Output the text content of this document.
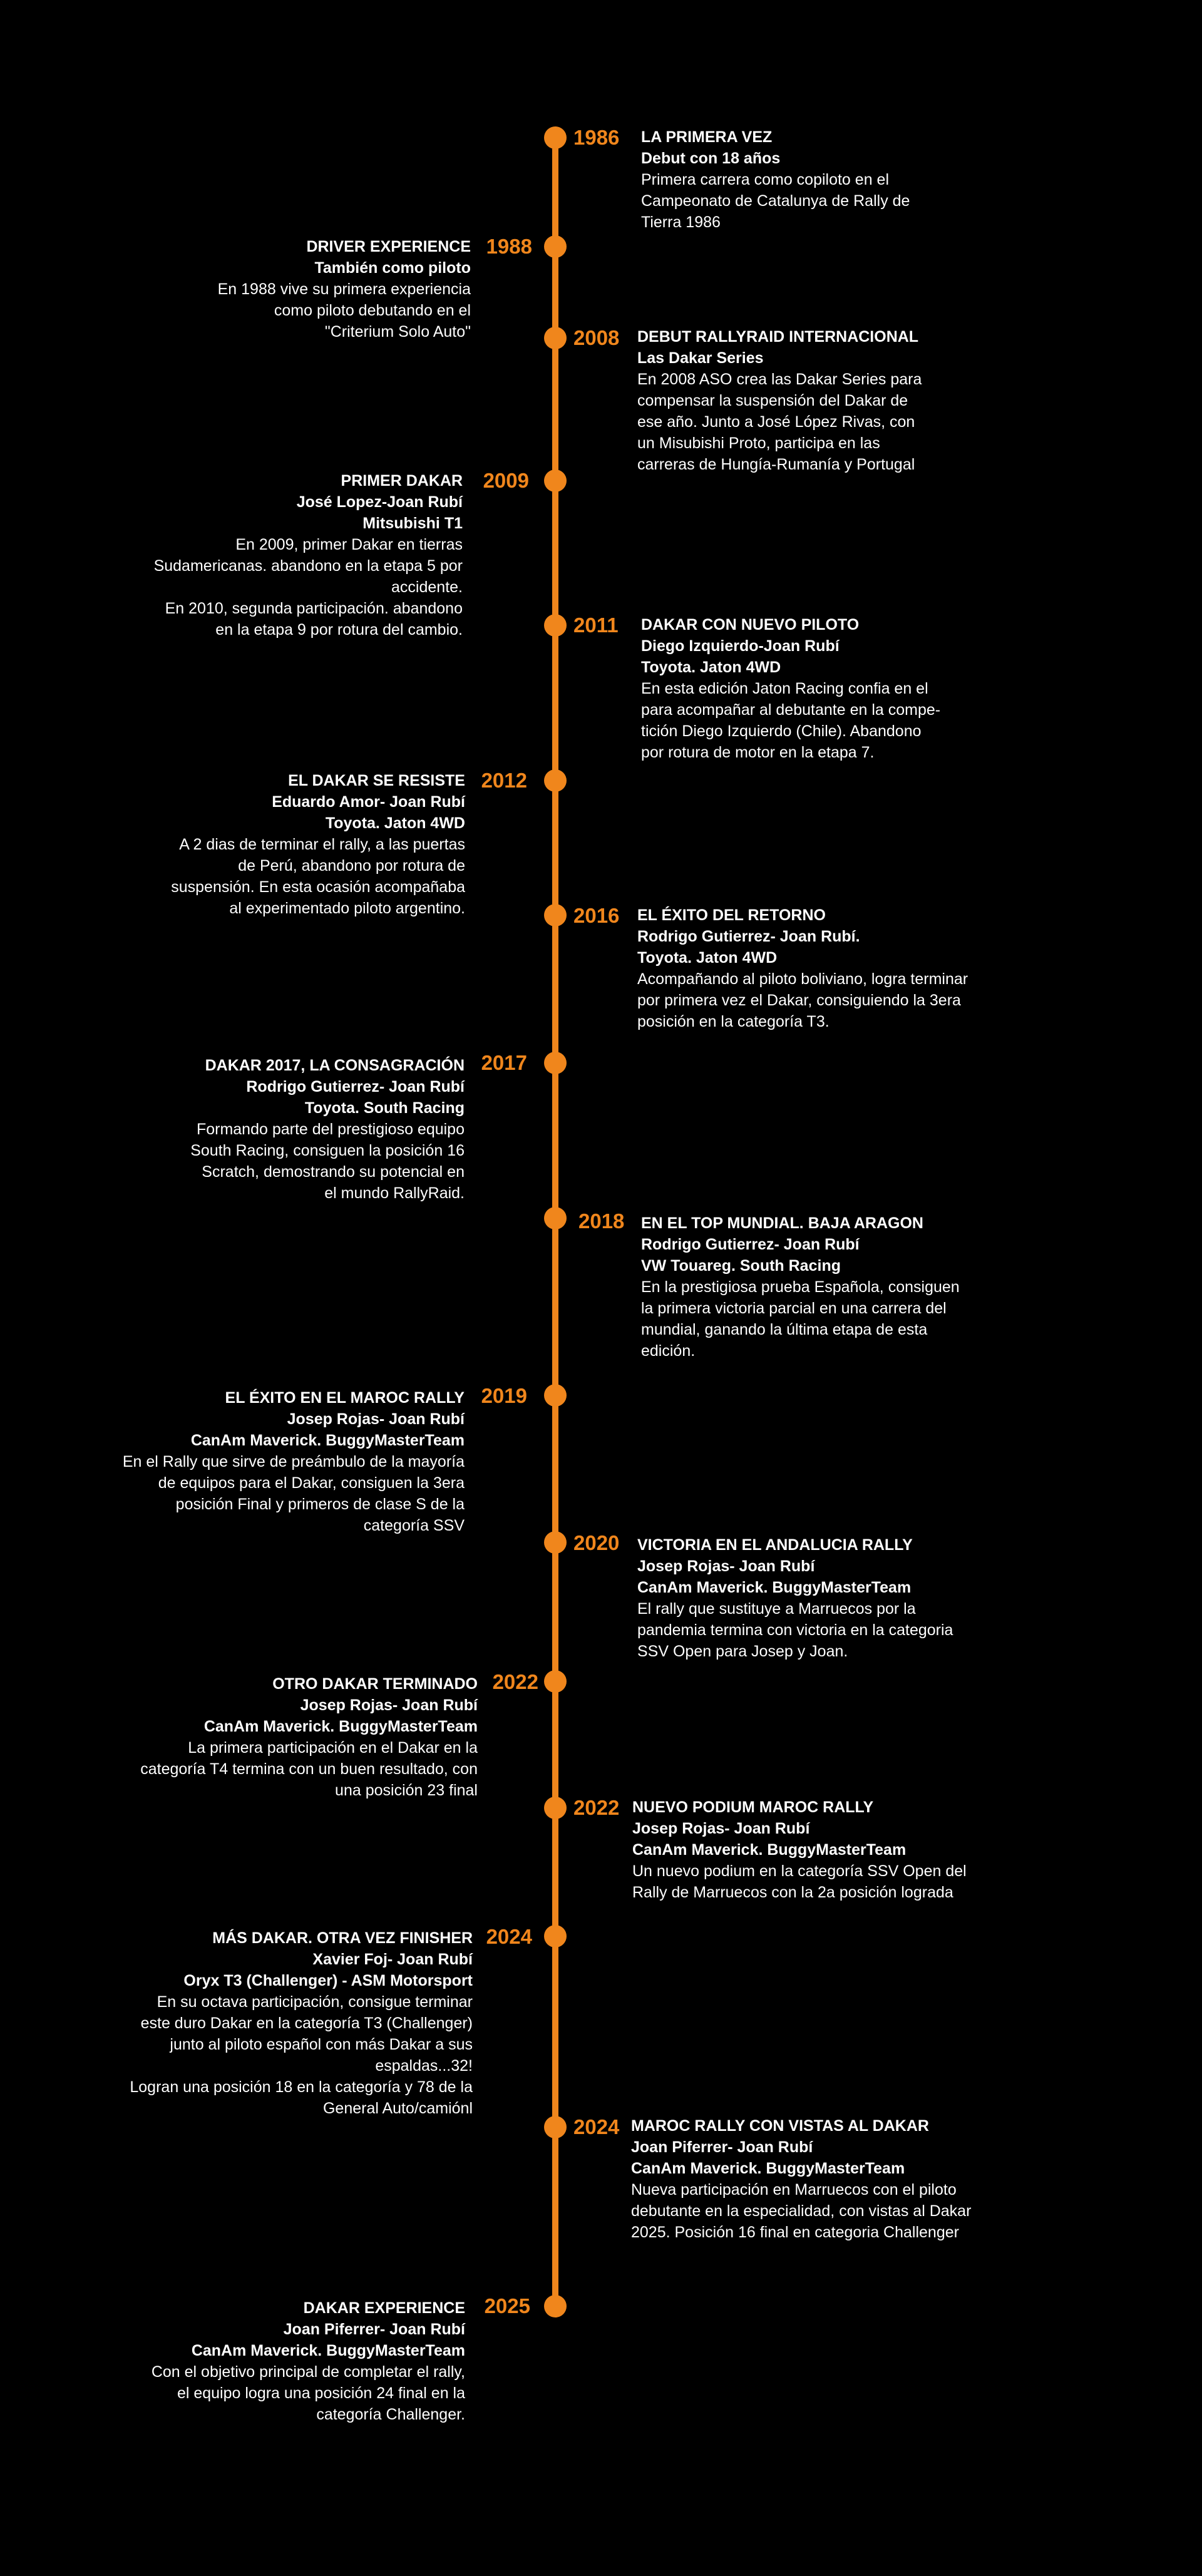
1986 LA PRIMERA VEZ
Debut con 18 años
Primera carrera como copiloto en el
Campeonato de Catalunya de Rally de
Tierra 1986
1988
DRIVER EXPERIENCE
También como piloto
En 1988 vive su primera experiencia
como piloto debutando en el
"Criterium Solo Auto"	2008 DEBUT RALLYRAID INTERNACIONAL
Las Dakar Series
En 2008 ASO crea las Dakar Series para
compensar la suspensión del Dakar de
ese año. Junto a José López Rivas, con
un Misubishi Proto, participa en las
carreras de Hungía-Rumanía y Portugal
2009
PRIMER DAKAR
José Lopez-Joan Rubí
Mitsubishi T1
En 2009, primer Dakar en tierras
Sudamericanas. abandono en la etapa 5 por
accidente.
En 2010, segunda participación. abandono
en la etapa 9 por rotura del cambio.	2011 DAKAR CON NUEVO PILOTO
Diego Izquierdo-Joan Rubí
Toyota. Jaton 4WD
En esta edición Jaton Racing confia en el
para acompañar al debutante en la compe-
tición Diego Izquierdo (Chile). Abandono
por rotura de motor en la etapa 7.
2012
EL DAKAR SE RESISTE
Eduardo Amor- Joan Rubí
Toyota. Jaton 4WD
A 2 dias de terminar el rally, a las puertas
de Perú, abandono por rotura de
suspensión. En esta ocasión acompañaba
al experimentado piloto argentino.	2016 EL ÉXITO DEL RETORNO
Rodrigo Gutierrez- Joan Rubí.
Toyota. Jaton 4WD
Acompañando al piloto boliviano, logra terminar
por primera vez el Dakar, consiguiendo la 3era
posición en la categoría T3.
2017
DAKAR 2017, LA CONSAGRACIÓN
Rodrigo Gutierrez- Joan Rubí
Toyota. South Racing
Formando parte del prestigioso equipo
South Racing, consiguen la posición 16
Scratch, demostrando su potencial en
el mundo RallyRaid.
2018 EN EL TOP MUNDIAL. BAJA ARAGON
Rodrigo Gutierrez- Joan Rubí
VW Touareg. South Racing
En la prestigiosa prueba Española, consiguen
la primera victoria parcial en una carrera del
mundial, ganando la última etapa de esta
edición.
2019
EL ÉXITO EN EL MAROC RALLY
Josep Rojas- Joan Rubí
CanAm Maverick. BuggyMasterTeam
En el Rally que sirve de preámbulo de la mayoría
de equipos para el Dakar, consiguen la 3era
posición Final y primeros de clase S de la
categoría SSV
2020 VICTORIA EN EL ANDALUCIA RALLY
Josep Rojas- Joan Rubí
CanAm Maverick. BuggyMasterTeam
El rally que sustituye a Marruecos por la
pandemia termina con victoria en la categoria
SSV Open para Josep y Joan.
2022
OTRO DAKAR TERMINADO
Josep Rojas- Joan Rubí
CanAm Maverick. BuggyMasterTeam
La primera participación en el Dakar en la
categoría T4 termina con un buen resultado, con
una posición 23 final
2022 NUEVO PODIUM MAROC RALLY
Josep Rojas- Joan Rubí
CanAm Maverick. BuggyMasterTeam
Un nuevo podium en la categoría SSV Open del
Rally de Marruecos con la 2a posición lograda
2024
MÁS DAKAR. OTRA VEZ FINISHER
Xavier Foj- Joan Rubí
Oryx T3 (Challenger) - ASM Motorsport
En su octava participación, consigue terminar
este duro Dakar en la categoría T3 (Challenger)
junto al piloto español con más Dakar a sus
espaldas...32!
Logran una posición 18 en la categoría y 78 de la
General Auto/camiónl
2024 MAROC RALLY CON VISTAS AL DAKAR
Joan Piferrer- Joan Rubí
CanAm Maverick. BuggyMasterTeam
Nueva participación en Marruecos con el piloto
debutante en la especialidad, con vistas al Dakar
2025. Posición 16 final en categoria Challenger
2025
DAKAR EXPERIENCE
Joan Piferrer- Joan Rubí
CanAm Maverick. BuggyMasterTeam
Con el objetivo principal de completar el rally,
el equipo logra una posición 24 final en la
categoría Challenger.
